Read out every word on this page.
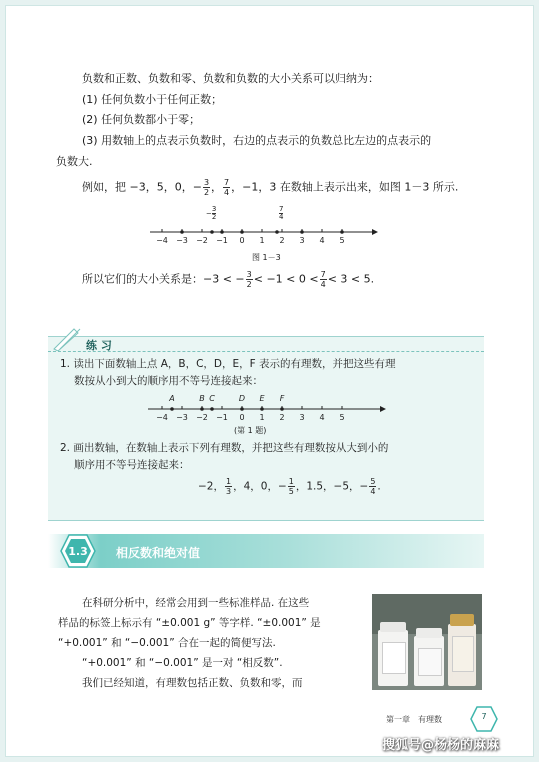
负数和正数、负数和零、负数和负数的大小关系可以归纳为：
(1) 任何负数小于任何正数；
(2) 任何负数都小于零；
(3) 用数轴上的点表示负数时，右边的点表示的负数总比左边的点表示的
负数大.
例如，把 −3，5，0，− $\frac{3}{2}$ ， $\frac{7}{4}$ ，−1，3 在数轴上表示出来，如图 1－3 所示.
−4 −3 −2 −1 0 1 2 3 4 5
− $\frac{3}{2}$	$\frac{7}{4}$
图 1－3
所以它们的大小关系是：−3 < − $\frac{3}{2} < -1 < 0 < \frac{7}{4} < 3 < 5$.
练 习
1. 读出下面数轴上点 A，B，C，D，E，F 表示的有理数，并把这些有理
数按从小到大的顺序用不等号连接起来：
−4 −3 −2 −1 0 1 2 3 4 5
A	B C	D E F
(第 1 题)
2. 画出数轴，在数轴上表示下列有理数，并把这些有理数按从大到小的
顺序用不等号连接起来：
−2， $\frac{1}{3}$ ，4，0，− $\frac{1}{5}$ ，1.5，−5，− $\frac{5}{4}$ .
1.3 相反数和绝对值
在科研分析中，经常会用到一些标准样品. 在这些
样品的标签上标示有 “±0.001 g” 等字样. “±0.001” 是
“+0.001” 和 “−0.001” 合在一起的简便写法.
“+0.001” 和 “−0.001” 是一对 “相反数”.
我们已经知道，有理数包括正数、负数和零，而
第一章　有理数	7
搜狐号@杨杨的麻麻
